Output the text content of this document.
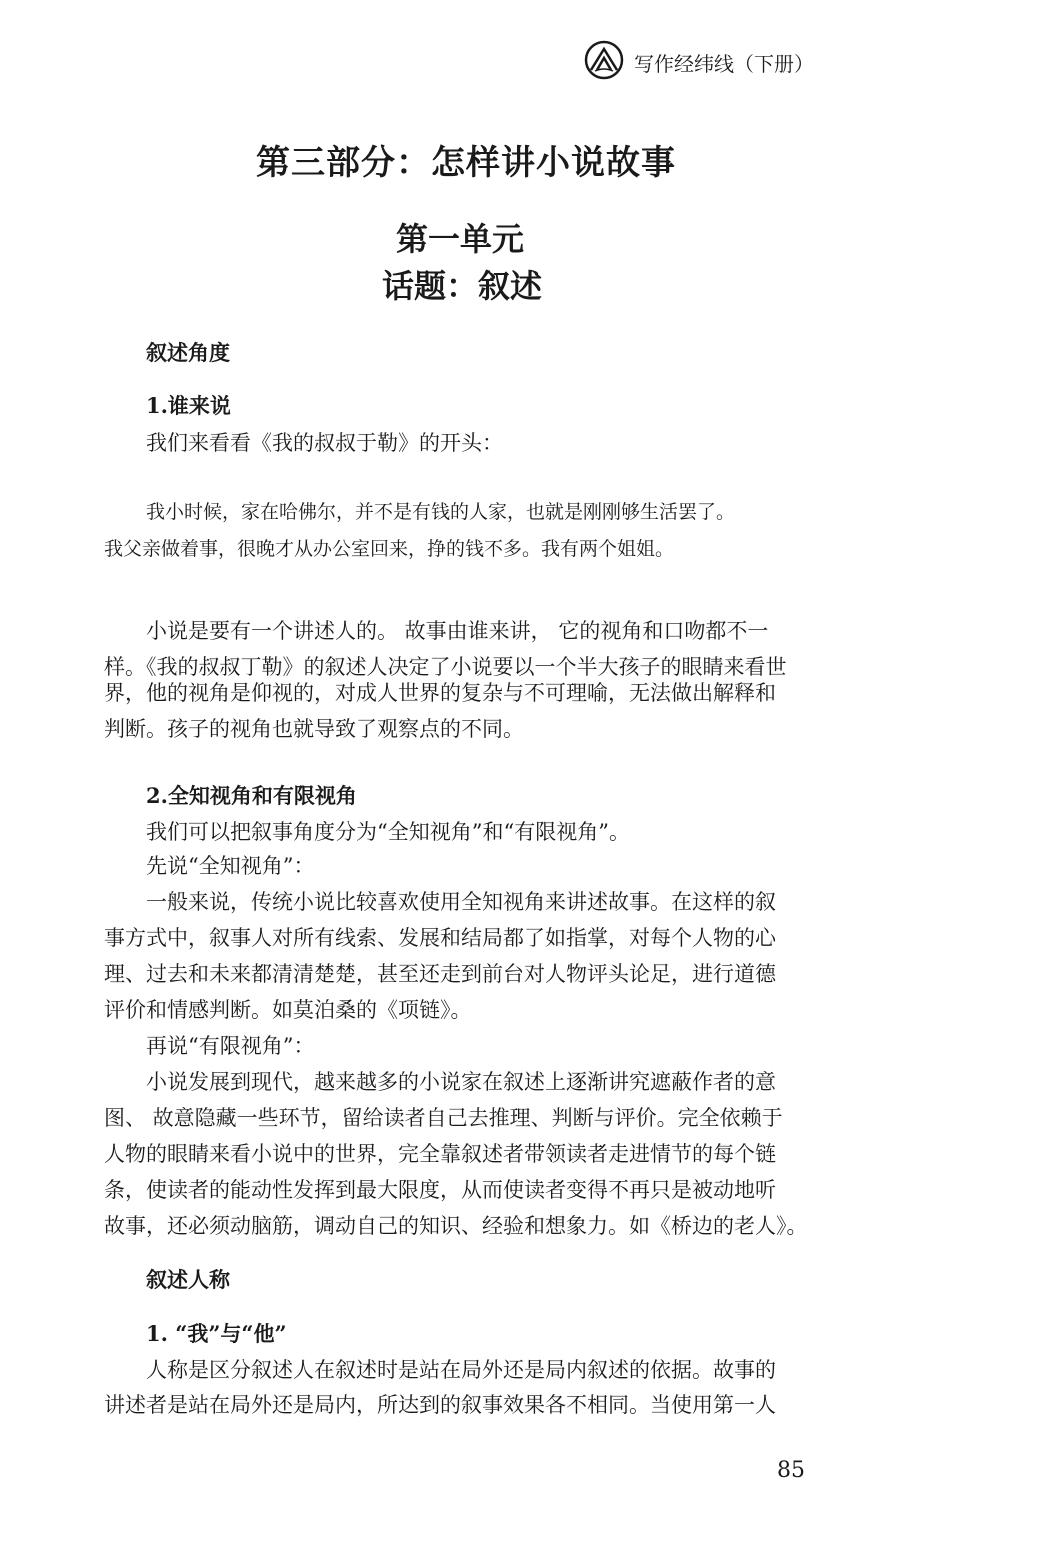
写作经纬线（下册）
第三部分：怎样讲小说故事
第一单元
话题：叙述
叙述角度
1.谁来说
我们来看看《我的叔叔于勒》的开头：
我小时候，家在哈佛尔，并不是有钱的人家，也就是刚刚够生活罢了。
我父亲做着事，很晚才从办公室回来，挣的钱不多。我有两个姐姐。
小说是要有一个讲述人的。 故事由谁来讲， 它的视角和口吻都不一
样。《我的叔叔丁勒》的叙述人决定了小说要以一个半大孩子的眼睛来看世
界，他的视角是仰视的，对成人世界的复杂与不可理喻，无法做出解释和
判断。孩子的视角也就导致了观察点的不同。
2.全知视角和有限视角
我们可以把叙事角度分为“全知视角”和“有限视角”。
先说“全知视角”：
一般来说，传统小说比较喜欢使用全知视角来讲述故事。在这样的叙
事方式中，叙事人对所有线索、发展和结局都了如指掌，对每个人物的心
理、过去和未来都清清楚楚，甚至还走到前台对人物评头论足，进行道德
评价和情感判断。如莫泊桑的《项链》。
再说“有限视角”：
小说发展到现代，越来越多的小说家在叙述上逐渐讲究遮蔽作者的意
图、 故意隐藏一些环节，留给读者自己去推理、判断与评价。完全依赖于
人物的眼睛来看小说中的世界，完全靠叙述者带领读者走进情节的每个链
条，使读者的能动性发挥到最大限度，从而使读者变得不再只是被动地听
故事，还必须动脑筋，调动自己的知识、经验和想象力。如《桥边的老人》。
叙述人称
1. “我”与“他”
人称是区分叙述人在叙述时是站在局外还是局内叙述的依据。故事的
讲述者是站在局外还是局内，所达到的叙事效果各不相同。当使用第一人
85
